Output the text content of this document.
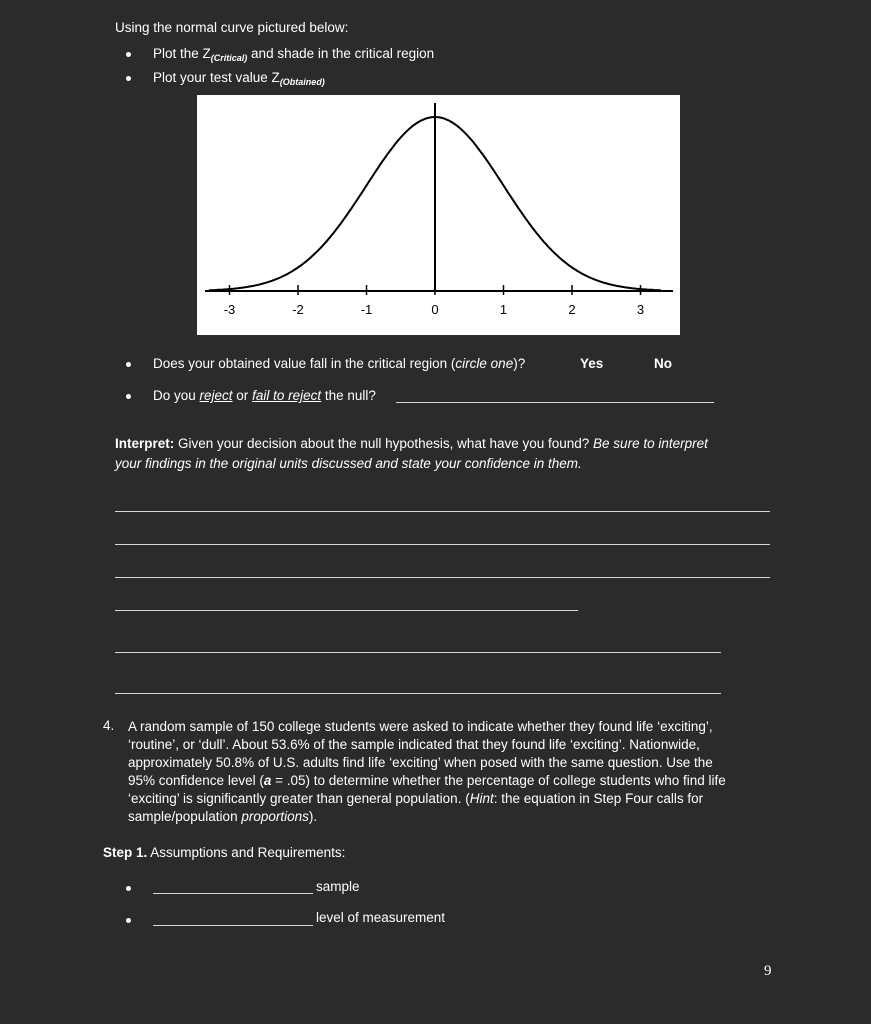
Using the normal curve pictured below:
Plot the $Z_{(Critical)}$ and shade in the critical region
Plot your test value $Z_{(Obtained)}$
-3	-2	-1	0	1	2	3
Does your obtained value fall in the critical region (circle one)?	Yes	No
Do you reject or fail to reject the null?
Interpret: Given your decision about the null hypothesis, what have you found? Be sure to interpret
your findings in the original units discussed and state your confidence in them.
4. A random sample of 150 college students were asked to indicate whether they found life ‘exciting’,
‘routine’, or ‘dull’. About 53.6% of the sample indicated that they found life ‘exciting’. Nationwide,
approximately 50.8% of U.S. adults find life ‘exciting’ when posed with the same question. Use the
95% confidence level (a = .05) to determine whether the percentage of college students who find life
‘exciting’ is significantly greater than general population. (Hint: the equation in Step Four calls for
sample/population proportions).
Step 1. Assumptions and Requirements:
sample
level of measurement
9
